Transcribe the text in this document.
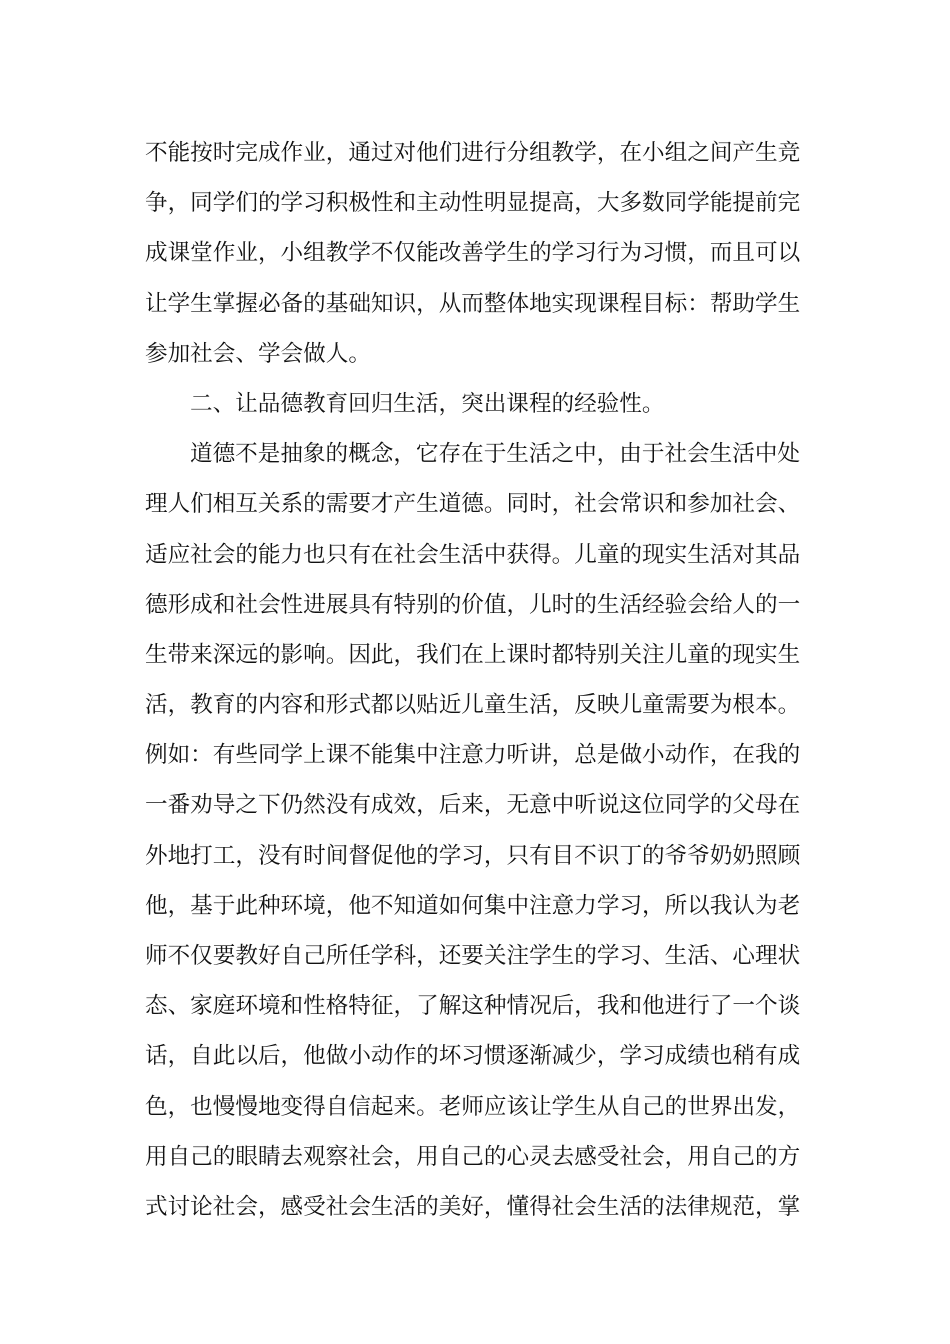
不能按时完成作业，通过对他们进行分组教学，在小组之间产生竞
争，同学们的学习积极性和主动性明显提高，大多数同学能提前完
成课堂作业，小组教学不仅能改善学生的学习行为习惯，而且可以
让学生掌握必备的基础知识，从而整体地实现课程目标：帮助学生
参加社会、学会做人。
二、让品德教育回归生活，突出课程的经验性。
道德不是抽象的概念，它存在于生活之中，由于社会生活中处
理人们相互关系的需要才产生道德。同时，社会常识和参加社会、
适应社会的能力也只有在社会生活中获得。儿童的现实生活对其品
德形成和社会性进展具有特别的价值，儿时的生活经验会给人的一
生带来深远的影响。因此，我们在上课时都特别关注儿童的现实生
活，教育的内容和形式都以贴近儿童生活，反映儿童需要为根本。
例如：有些同学上课不能集中注意力听讲，总是做小动作，在我的
一番劝导之下仍然没有成效，后来，无意中听说这位同学的父母在
外地打工，没有时间督促他的学习，只有目不识丁的爷爷奶奶照顾
他，基于此种环境，他不知道如何集中注意力学习，所以我认为老
师不仅要教好自己所任学科，还要关注学生的学习、生活、心理状
态、家庭环境和性格特征，了解这种情况后，我和他进行了一个谈
话，自此以后，他做小动作的坏习惯逐渐减少，学习成绩也稍有成
色，也慢慢地变得自信起来。老师应该让学生从自己的世界出发，
用自己的眼睛去观察社会，用自己的心灵去感受社会，用自己的方
式讨论社会，感受社会生活的美好，懂得社会生活的法律规范，掌
